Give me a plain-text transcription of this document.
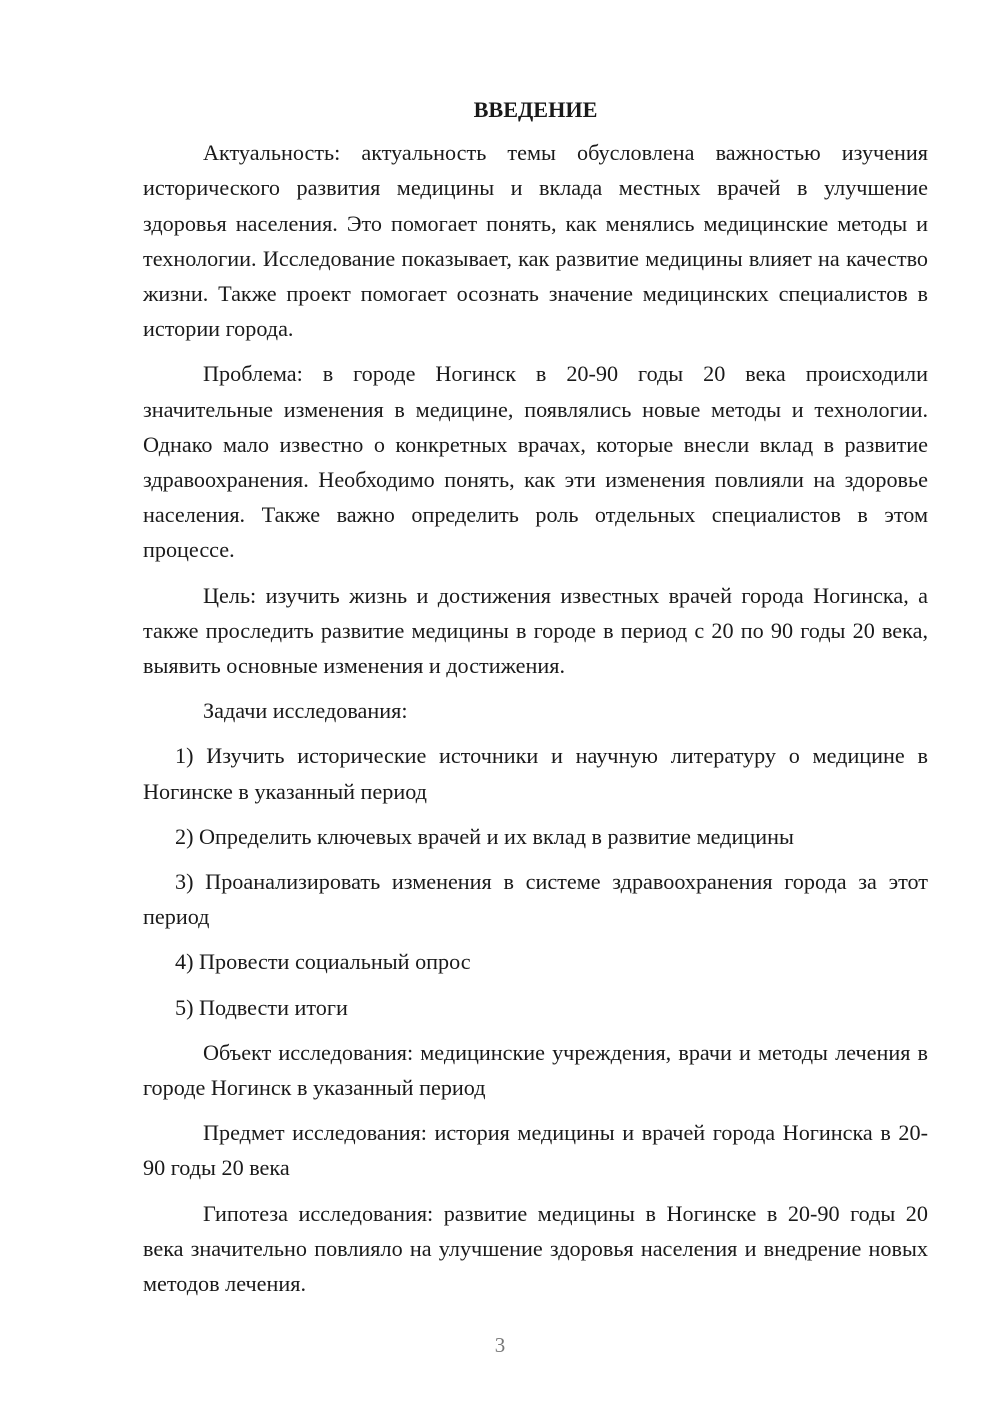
ВВЕДЕНИЕ

Актуальность: актуальность темы обусловлена важностью изучения исторического развития медицины и вклада местных врачей в улучшение здоровья населения. Это помогает понять, как менялись медицинские методы и технологии. Исследование показывает, как развитие медицины влияет на качество жизни. Также проект помогает осознать значение медицинских специалистов в истории города.

Проблема: в городе Ногинск в 20-90 годы 20 века происходили значительные изменения в медицине, появлялись новые методы и технологии. Однако мало известно о конкретных врачах, которые внесли вклад в развитие здравоохранения. Необходимо понять, как эти изменения повлияли на здоровье населения. Также важно определить роль отдельных специалистов в этом процессе.

Цель: изучить жизнь и достижения известных врачей города Ногинска, а также проследить развитие медицины в городе в период с 20 по 90 годы 20 века, выявить основные изменения и достижения.

Задачи исследования:

1) Изучить исторические источники и научную литературу о медицине в Ногинске в указанный период

2) Определить ключевых врачей и их вклад в развитие медицины

3) Проанализировать изменения в системе здравоохранения города за этот период

4) Провести социальный опрос

5) Подвести итоги

Объект исследования: медицинские учреждения, врачи и методы лечения в городе Ногинск в указанный период

Предмет исследования: история медицины и врачей города Ногинска в 20-90 годы 20 века

Гипотеза исследования: развитие медицины в Ногинске в 20-90 годы 20 века значительно повлияло на улучшение здоровья населения и внедрение новых методов лечения.

3
